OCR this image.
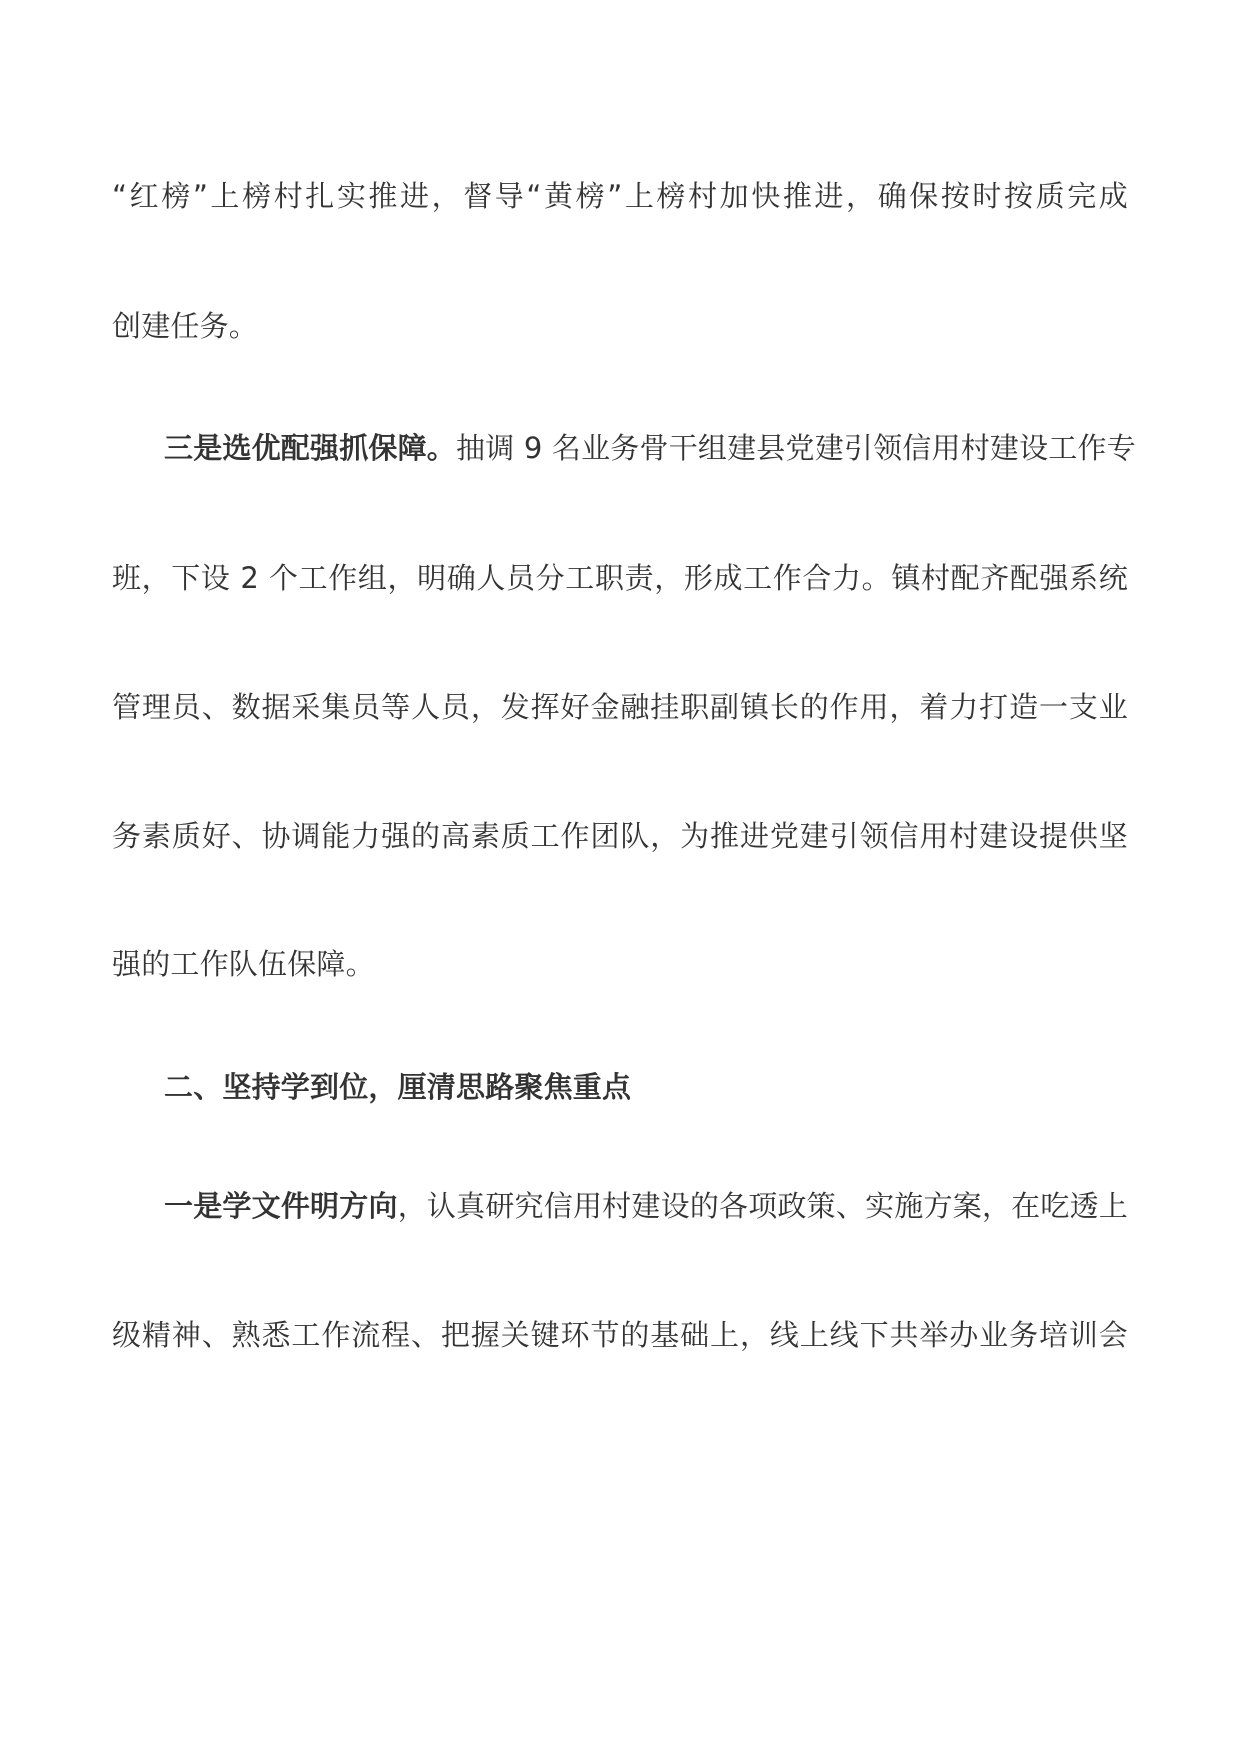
“红榜”上榜村扎实推进，督导“黄榜”上榜村加快推进，确保按时按质完成
创建任务。
三是选优配强抓保障。抽调 9 名业务骨干组建县党建引领信用村建设工作专
班，下设 2 个工作组，明确人员分工职责，形成工作合力。镇村配齐配强系统
管理员、数据采集员等人员，发挥好金融挂职副镇长的作用，着力打造一支业
务素质好、协调能力强的高素质工作团队，为推进党建引领信用村建设提供坚
强的工作队伍保障。
二、坚持学到位，厘清思路聚焦重点
一是学文件明方向，认真研究信用村建设的各项政策、实施方案，在吃透上
级精神、熟悉工作流程、把握关键环节的基础上，线上线下共举办业务培训会
